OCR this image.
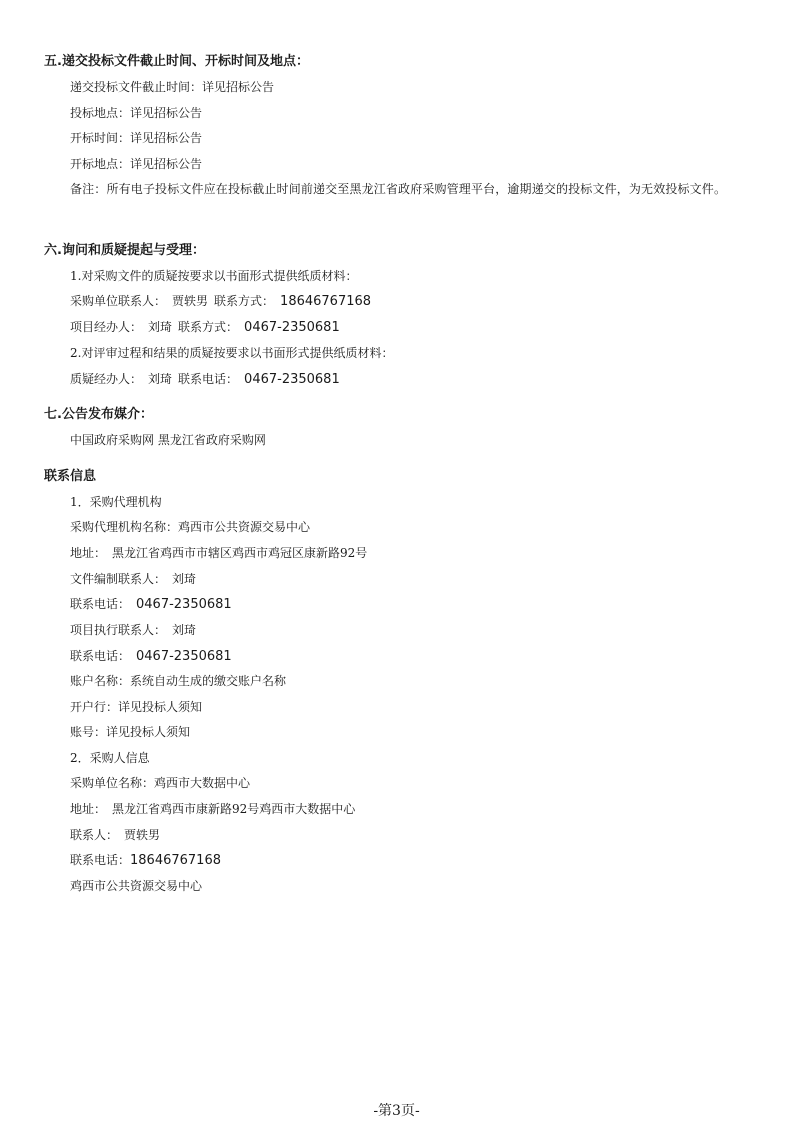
五.递交投标文件截止时间、开标时间及地点：
递交投标文件截止时间：详见招标公告
投标地点：详见招标公告
开标时间：详见招标公告
开标地点：详见招标公告
备注：所有电子投标文件应在投标截止时间前递交至黑龙江省政府采购管理平台，逾期递交的投标文件，为无效投标文件。
六.询问和质疑提起与受理：
1.对采购文件的质疑按要求以书面形式提供纸质材料：
采购单位联系人： 贾轶男 联系方式： 18646767168
项目经办人： 刘琦 联系方式： 0467-2350681
2.对评审过程和结果的质疑按要求以书面形式提供纸质材料：
质疑经办人： 刘琦 联系电话： 0467-2350681
七.公告发布媒介：
中国政府采购网 黑龙江省政府采购网
联系信息
1．采购代理机构
采购代理机构名称：鸡西市公共资源交易中心
地址： 黑龙江省鸡西市市辖区鸡西市鸡冠区康新路92号
文件编制联系人： 刘琦
联系电话： 0467-2350681
项目执行联系人： 刘琦
联系电话： 0467-2350681
账户名称：系统自动生成的缴交账户名称
开户行：详见投标人须知
账号：详见投标人须知
2．采购人信息
采购单位名称：鸡西市大数据中心
地址： 黑龙江省鸡西市康新路92号鸡西市大数据中心
联系人： 贾轶男
联系电话：18646767168
鸡西市公共资源交易中心
-第3页-
